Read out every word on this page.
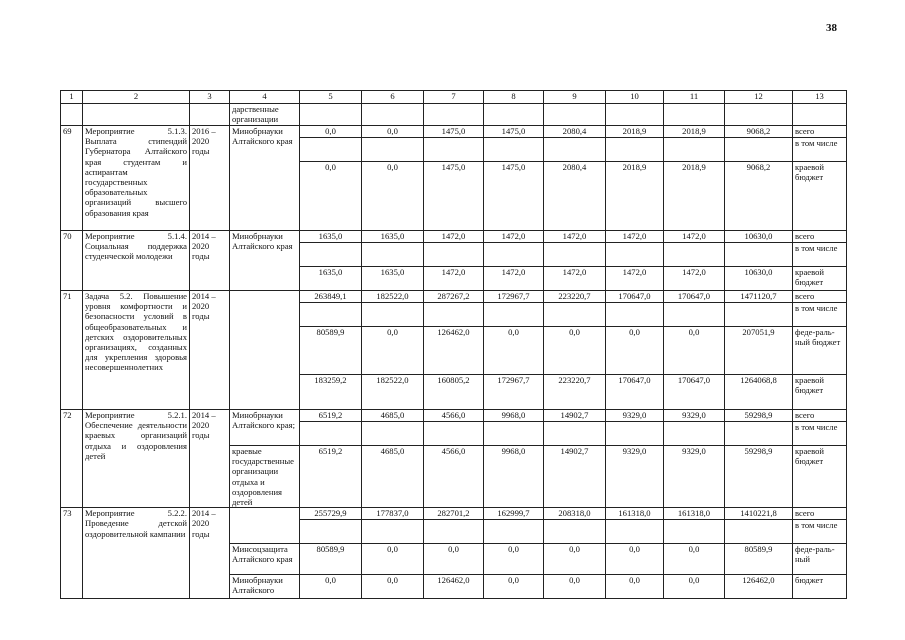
38
1	2	3	4	5	6	7	8	9	10	11	12	13
			дарственные организации									
69	Мероприятие 5.1.3. Выплата стипендий Губернатора Алтайского края студентам и аспирантам государственных образовательных организаций высшего образования края	2016 – 2020 годы	Минобрнауки Алтайского края	0,0	0,0	1475,0	1475,0	2080,4	2018,9	2018,9	9068,2	всего
												в том числе
				0,0	0,0	1475,0	1475,0	2080,4	2018,9	2018,9	9068,2	краевой бюджет
70	Мероприятие 5.1.4. Социальная поддержка студенческой молодежи	2014 – 2020 годы	Минобрнауки Алтайского края	1635,0	1635,0	1472,0	1472,0	1472,0	1472,0	1472,0	10630,0	всего
												в том числе
				1635,0	1635,0	1472,0	1472,0	1472,0	1472,0	1472,0	10630,0	краевой бюджет
71	Задача 5.2. Повышение уровня комфортности и безопасности условий в общеобразовательных и детских оздоровительных организациях, созданных для укрепления здоровья несовершеннолетних	2014 – 2020 годы		263849,1	182522,0	287267,2	172967,7	223220,7	170647,0	170647,0	1471120,7	всего
												в том числе
				80589,9	0,0	126462,0	0,0	0,0	0,0	0,0	207051,9	феде-раль-ный бюджет
				183259,2	182522,0	160805,2	172967,7	223220,7	170647,0	170647,0	1264068,8	краевой бюджет
72	Мероприятие 5.2.1. Обеспечение деятельности краевых организаций отдыха и оздоровления детей	2014 – 2020 годы	Минобрнауки Алтайского края;	6519,2	4685,0	4566,0	9968,0	14902,7	9329,0	9329,0	59298,9	всего
												в том числе
			краевые государственные организации отдыха и оздоровления детей	6519,2	4685,0	4566,0	9968,0	14902,7	9329,0	9329,0	59298,9	краевой бюджет
73	Мероприятие 5.2.2. Проведение детской оздоровительной кампании	2014 – 2020 годы		255729,9	177837,0	282701,2	162999,7	208318,0	161318,0	161318,0	1410221,8	всего
												в том числе
			Минсоцзащита Алтайского края	80589,9	0,0	0,0	0,0	0,0	0,0	0,0	80589,9	феде-раль-ный
			Минобрнауки Алтайского	0,0	0,0	126462,0	0,0	0,0	0,0	0,0	126462,0	бюджет
